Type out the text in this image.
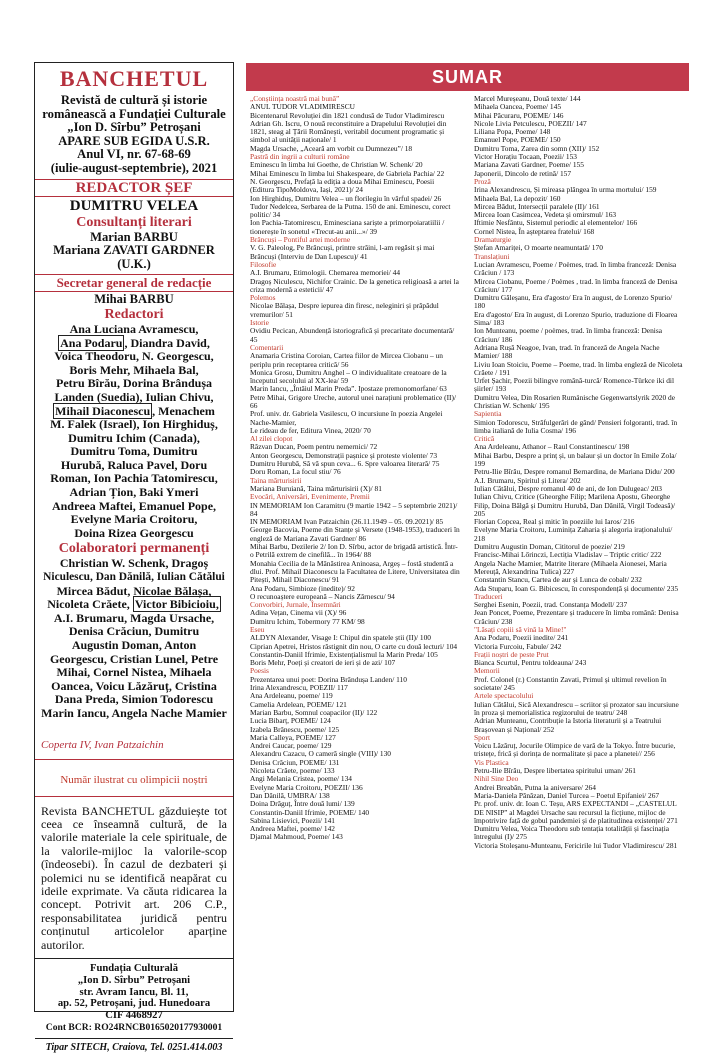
BANCHETUL
Revistă de cultură și istorie
românească a Fundației Culturale
„Ion D. Sîrbu” Petroșani
APARE SUB EGIDA U.S.R.
Anul VI, nr. 67-68-69
(iulie-august-septembrie), 2021
REDACTOR ȘEF
DUMITRU VELEA
Consultanți literari
Marian BARBU
Mariana ZAVATI GARDNER (U.K.)
Secretar general de redacție
Mihai BARBU
Redactori
Ana Luciana Avramescu,
Ana Podaru , Diandra David,
Voica Theodoru, N. Georgescu,
Boris Mehr, Mihaela Bal,
Petru Bîrău, Dorina Brândușa
Landen (Suedia), Iulian Chivu,
Mihail Diaconescu , Menachem
M. Falek (Israel), Ion Hirghiduș,
Dumitru Ichim (Canada),
Dumitru Toma, Dumitru
Hurubă, Raluca Pavel, Doru
Roman, Ion Pachia Tatomirescu,
Adrian Țion, Baki Ymeri
Andreea Maftei, Emanuel Pope,
Evelyne Maria Croitoru,
Doina Rizea Georgescu
Colaboratori permanenți
Christian W. Schenk, Dragoș
Niculescu, Dan Dănilă, Iulian Cătălui
Mircea Bădut, Nicolae Bălașa,
Nicoleta Crăete, Victor Bibicioiu,
A.I. Brumaru, Magda Ursache,
Denisa Crăciun, Dumitru
Augustin Doman, Anton
Georgescu, Cristian Lunel, Petre
Mihai, Cornel Nistea, Mihaela
Oancea, Voicu Lăzăruț, Cristina
Dana Preda, Simion Todorescu
Marin Iancu, Angela Nache Mamier
Coperta IV, Ivan Patzaichin
Număr ilustrat cu olimpicii noștri
Revista BANCHETUL găzduiește tot ceea ce înseamnă cultură, de la valorile materiale la cele spirituale, de la valorile-mijloc la valorile-scop (îndeosebi). În cazul de dezbateri și polemici nu se identifică neapărat cu ideile exprimate. Va căuta ridicarea la concept. Potrivit art. 206 C.P., responsabilitatea juridică pentru conținutul articolelor aparține autorilor.
Fundația Culturală
„Ion D. Sîrbu” Petroșani
str. Avram Iancu, Bl. 11,
ap. 52, Petroșani, jud. Hunedoara
CIF 4468927
Cont BCR: RO24RNCB0165020177930001
Tipar SITECH, Craiova, Tel. 0251.414.003
SUMAR
„Conștiința noastră mai bună”
ANUL TUDOR VLADIMIRESCU
Bicentenarul Revoluției din 1821 condusă de Tudor Vladimirescu
Adrian Gh. Iscru, O nouă reconstituire a Drapelului Revoluției din 1821, steag al Țării Românești, veritabil document programatic și simbol al unității naționale/ 1
Magda Ursache, „Aceară am vorbit cu Dumnezeu”/ 18
Pastră din ingrii a culturii române
Eminescu în limba lui Goethe, de Christian W. Schenk/ 20
Mihai Eminescu în limba lui Shakespeare, de Gabriela Pachia/ 22
N. Georgescu, Prefață la ediția a doua Mihai Eminescu, Poesii (Editura TipoMoldova, Iași, 2021)/ 24
Ion Hirghiduș, Dumitru Velea – un florilegiu în vârful spadei/ 26
Tudor Nedelcea, Serbarea de la Putna. 150 de ani. Eminescu, corect politic/ 34
Ion Pachia-Tatomirescu, Eminesciana sariște a primorpoiaratiilii / tionerește în sonetul «Trecut-au anii...»/ 39
Brâncuși – Pontiful artei moderne
V. G. Paleolog, Pe Brâncuși, printre străini, l-am regăsit și mai Brâncuși (Interviu de Dan Lupescu)/ 41
Filosofie
A.I. Brumaru, Etimologii. Chemarea memoriei/ 44
Dragoș Niculescu, Nichifor Crainic. De la genetica religioasă a artei la criza modernă a esteticii/ 47
Polemos
Nicolae Bălașa, Despre iepurea din firesc, neleginiri și prăpădul vremurilor/ 51
Istorie
Ovidiu Pecican, Abundență istoriografică și precaritate documentară/ 45
Comentarii
Anamaria Cristina Coroian, Cartea fiilor de Mircea Ciobanu – un periplu prin receptarea critică/ 56
Monica Grosu, Dumitru Anghel – O individualitate creatoare de la începutul secolului al XX-lea/ 59
Marin Iancu, „Întâiul Marin Preda”. Ipostaze premonomorfane/ 63
Petre Mihai, Grigore Ureche, autorul unei narațiuni problematice (II)/ 66
Prof. univ. dr. Gabriela Vasilescu, O incursiune în poezia Angelei Nache-Mamier,
Le rideau de fer, Editura Vinea, 2020/ 70
Al zilei clopot
Răzvan Ducan, Poem pentru nemernici/ 72
Anton Georgescu, Demonstrații pașnice și proteste violente/ 73
Dumitru Hurubă, Să vă spun ceva... 6. Spre valoarea literară/ 75
Doru Roman, La focul stiu/ 76
Taina mărturisirii
Mariana Buruiană, Taina mărturisirii (X)/ 81
Evocări, Aniversări, Evenimente, Premii
IN MEMORIAM Ion Caramitru (9 martie 1942 – 5 septembrie 2021)/ 84
IN MEMORIAM Ivan Patzaichin (26.11.1949 – 05. 09.2021)/ 85
George Bacovia, Poeme din Stanțe și Versete (1948-1953), traduceri în engleză de Mariana Zavati Gardner/ 86
Mihai Barbu, Dezilerie 2/ Ion D. Sîrbu, actor de brigadă artistică. Într-o Petrilă extrem de cinefilă... în 1964/ 88
Monahia Cecilia de la Mânăstirea Aninoasa, Argeș – fostă studentă a dlui. Prof. Mihail Diaconescu la Facultatea de Litere, Universitatea din Pitești, Mihail Diaconescu/ 91
Ana Podaru, Simbioze (inedite)/ 92
O recunoaștere europeană – Nancis Zărnescu/ 94
Convorbiri, Jurnale, Însemnări
Adina Vețan, Cinema vii (X)/ 96
Dumitru Ichim, Tobermory 77 KM/ 98
Eseu
ALDYN Alexander, Visage I: Chipul din spatele știi (II)/ 100
Ciprian Apetrei, Hristos răstignit din nou, O carte cu două lecturi/ 104
Constantin-Daniil Ifrimie, Existențialismul la Marin Preda/ 105
Boris Mehr, Poeți și creatori de ieri și de azi/ 107
Poesis
Prezentarea unui poet: Dorina Brândușa Landen/ 110
Irina Alexandrescu, POEZII/ 117
Ana Ardeleanu, poeme/ 119
Camelia Ardelean, POEME/ 121
Marian Barbu, Somnul coapacilor (II)/ 122
Lucia Bibarț, POEME/ 124
Izabela Brânescu, poeme/ 125
Maria Calleya, POEME/ 127
Andrei Caucar, poeme/ 129
Alexandru Cazacu, O cameră single (VIII)/ 130
Denisa Crăciun, POEME/ 131
Nicoleta Crăete, poeme/ 133
Angi Melania Cristea, poeme/ 134
Evelyne Maria Croitoru, POEZII/ 136
Dan Dănilă, UMBRA/ 138
Doina Drăguț, Între două lumi/ 139
Constantin-Daniil Ifrimie, POEME/ 140
Sabina Lisievici, Poezii/ 141
Andreea Maftei, poeme/ 142
Djamal Mahmoud, Poeme/ 143
Marcel Mureșeanu, Două texte/ 144
Mihaela Oancea, Poeme/ 145
Mihai Păcuraru, POEME/ 146
Nicole Livia Petculescu, POEZII/ 147
Liliana Popa, Poeme/ 148
Emanuel Pope, POEME/ 150
Dumitru Toma, Zarea din somn (XII)/ 152
Victor Horațiu Tocaan, Poezii/ 153
Mariana Zavati Gardner, Poeme/ 155
Japonerii, Dincolo de retină/ 157
Proză
Irina Alexandrescu, Și mireasa plângea în urma mortului/ 159
Mihaela Bal, La depozit/ 160
Mircea Bădut, Intersecții paralele (II)/ 161
Mircea Ioan Casimcea, Vedeta și omirsmul/ 163
Iftimie Nesfântu, Sistemul periodic al elementelor/ 166
Cornel Nistea, În așteptarea fratelui/ 168
Dramaturgie
Ștefan Amariței, O moarte neamuntată/ 170
Translațiuni
Lucian Avramescu, Poeme / Poèmes, trad. în limba franceză: Denisa Crăciun / 173
Mircea Ciobanu, Poeme / Poèmes , trad. în limba franceză de Denisa Crăciun/ 177
Dumitru Găleșanu, Era d'agosto/ Era în august, de Lorenzo Spurio/ 180
Era d'agosto/ Era în august, di Lorenzo Spurio, traduzione di Floarea Sima/ 183
Ion Munteanu, poeme / poèmes, trad. în limba franceză: Denisa Crăciun/ 186
Adriana Rușă Neagoe, Ivan, trad. în franceză de Angela Nache Mamier/ 188
Liviu Ioan Stoiciu, Poeme – Poeme, trad. în limba engleză de Nicoleta Crăete / 191
Urfet Șachir, Poezii bilingve română-turcă/ Romence-Türkce iki dil șiirler/ 193
Dumitru Velea, Din Rosarien Rumänische Gegenwartslyrik 2020 de Christian W. Schenk/ 195
Sapientia
Simion Todorescu, Străfulgerări de gând/ Pensieri folgoranti, trad. în limba italiană de Iulia Cosma/ 196
Critică
Ana Ardeleanu, Athanor – Raul Constantinescu/ 198
Mihai Barbu, Despre a prinț și, un balaur și un doctor în Emile Zola/ 199
Petru-Ilie Bîrău, Despre romanul Bernardina, de Mariana Didu/ 200
A.I. Brumaru, Spiritul și Litera/ 202
Iulian Cătălui, Despre romanul 40 de ani, de Ion Dulugeac/ 203
Iulian Chivu, Critice (Gheorghe Filip; Marilena Apostu, Gheorghe Filip, Doina Bâlgă și Dumitru Hurubă, Dan Dănilă, Virgil Todeasă)/ 205
Florian Copcea, Real și mitic în poeziile lui Iaros/ 216
Evelyne Maria Croitoru, Luminița Zaharia și alegoria iraționalului/ 218
Dumitru Augustin Doman, Cititorul de poezie/ 219
Francisc-Mihai Lőrinczi, Lectiția Vladislav – Triptic critic/ 222
Angela Nache Mamier, Matrite literare (Mihaela Aionesei, Maria Mereuță, Alexandrina Tulica) 227
Constantin Stancu, Cartea de aur și Lunca de cobalt/ 232
Ada Stuparu, Ioan G. Bibicescu, în corespondență și documente/ 235
Traduceri
Serghei Esenin, Poezii, trad. Constanța Modell/ 237
Jean Poncet, Poeme, Prezentare și traducere în limba română: Denisa Crăciun/ 238
"Lăsați copiii să vină la Mine!"
Ana Podaru, Poezii inedite/ 241
Victoria Furcoiu, Fabule/ 242
Frații noștri de peste Prut
Bianca Scurtul, Pentru toldeauna/ 243
Memorii
Prof. Colonel (r.) Constantin Zavati, Primul și ultimul revelion în societate/ 245
Artele spectacolului
Iulian Cătălui, Sică Alexandrescu – scriitor și prozator sau incursiune în proza și memorialistica regizorului de teatru/ 248
Adrian Munteanu, Contribuție la Istoria literaturii și a Teatrului Brașovean și Național/ 252
Sport
Voicu Lăzăruț, Jocurile Olimpice de vară de la Tokyo. Între bucurie, tristețe, frică și dorința de normalitate și pace a planetei// 256
Vis Plastica
Petru-Ilie Bîrău, Despre libertatea spiritului uman/ 261
Nihil Sine Deo
Andrei Breabăn, Putna la aniversare/ 264
Maria-Daniela Pănăzan, Daniel Turcea – Poetul Epifaniei/ 267
Pr. prof. univ. dr. Ioan C. Teșu, ARS EXPECTANDI – „CASTELUL DE NISIP” al Magdei Ursache sau recursul la ficțiune, mijloc de împotrivire față de gobul pandemiei și de platitudinea existenței/ 271
Dumitru Velea, Voica Theodoru sub tentația totalității și fascinația întregului (I)/ 275
Victoria Stoleșanu-Munteanu, Fericirile lui Tudor Vladimirescu/ 281
